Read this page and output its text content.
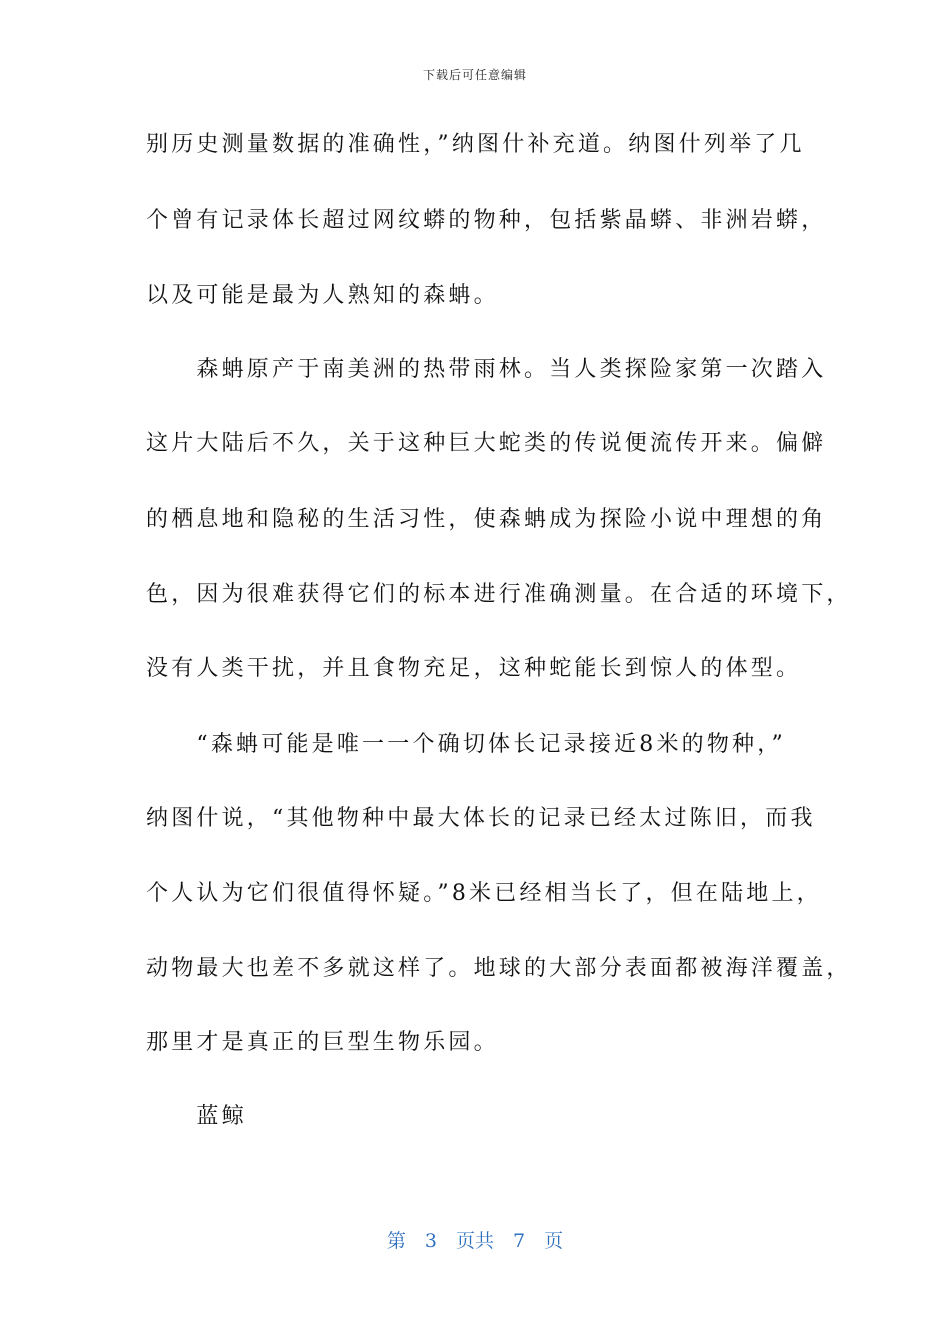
下载后可任意编辑
别历史测量数据的准确性，”纳图什补充道。纳图什列举了几
个曾有记录体长超过网纹蟒的物种，包括紫晶蟒、非洲岩蟒，
以及可能是最为人熟知的森蚺。
　　森蚺原产于南美洲的热带雨林。当人类探险家第一次踏入
这片大陆后不久，关于这种巨大蛇类的传说便流传开来。偏僻
的栖息地和隐秘的生活习性，使森蚺成为探险小说中理想的角
色，因为很难获得它们的标本进行准确测量。在合适的环境下，
没有人类干扰，并且食物充足，这种蛇能长到惊人的体型。
　　“森蚺可能是唯一一个确切体长记录接近8米的物种，”
纳图什说，“其他物种中最大体长的记录已经太过陈旧，而我
个人认为它们很值得怀疑。”8米已经相当长了，但在陆地上，
动物最大也差不多就这样了。地球的大部分表面都被海洋覆盖，
那里才是真正的巨型生物乐园。
　　蓝鲸
第　3　页共　7　页
